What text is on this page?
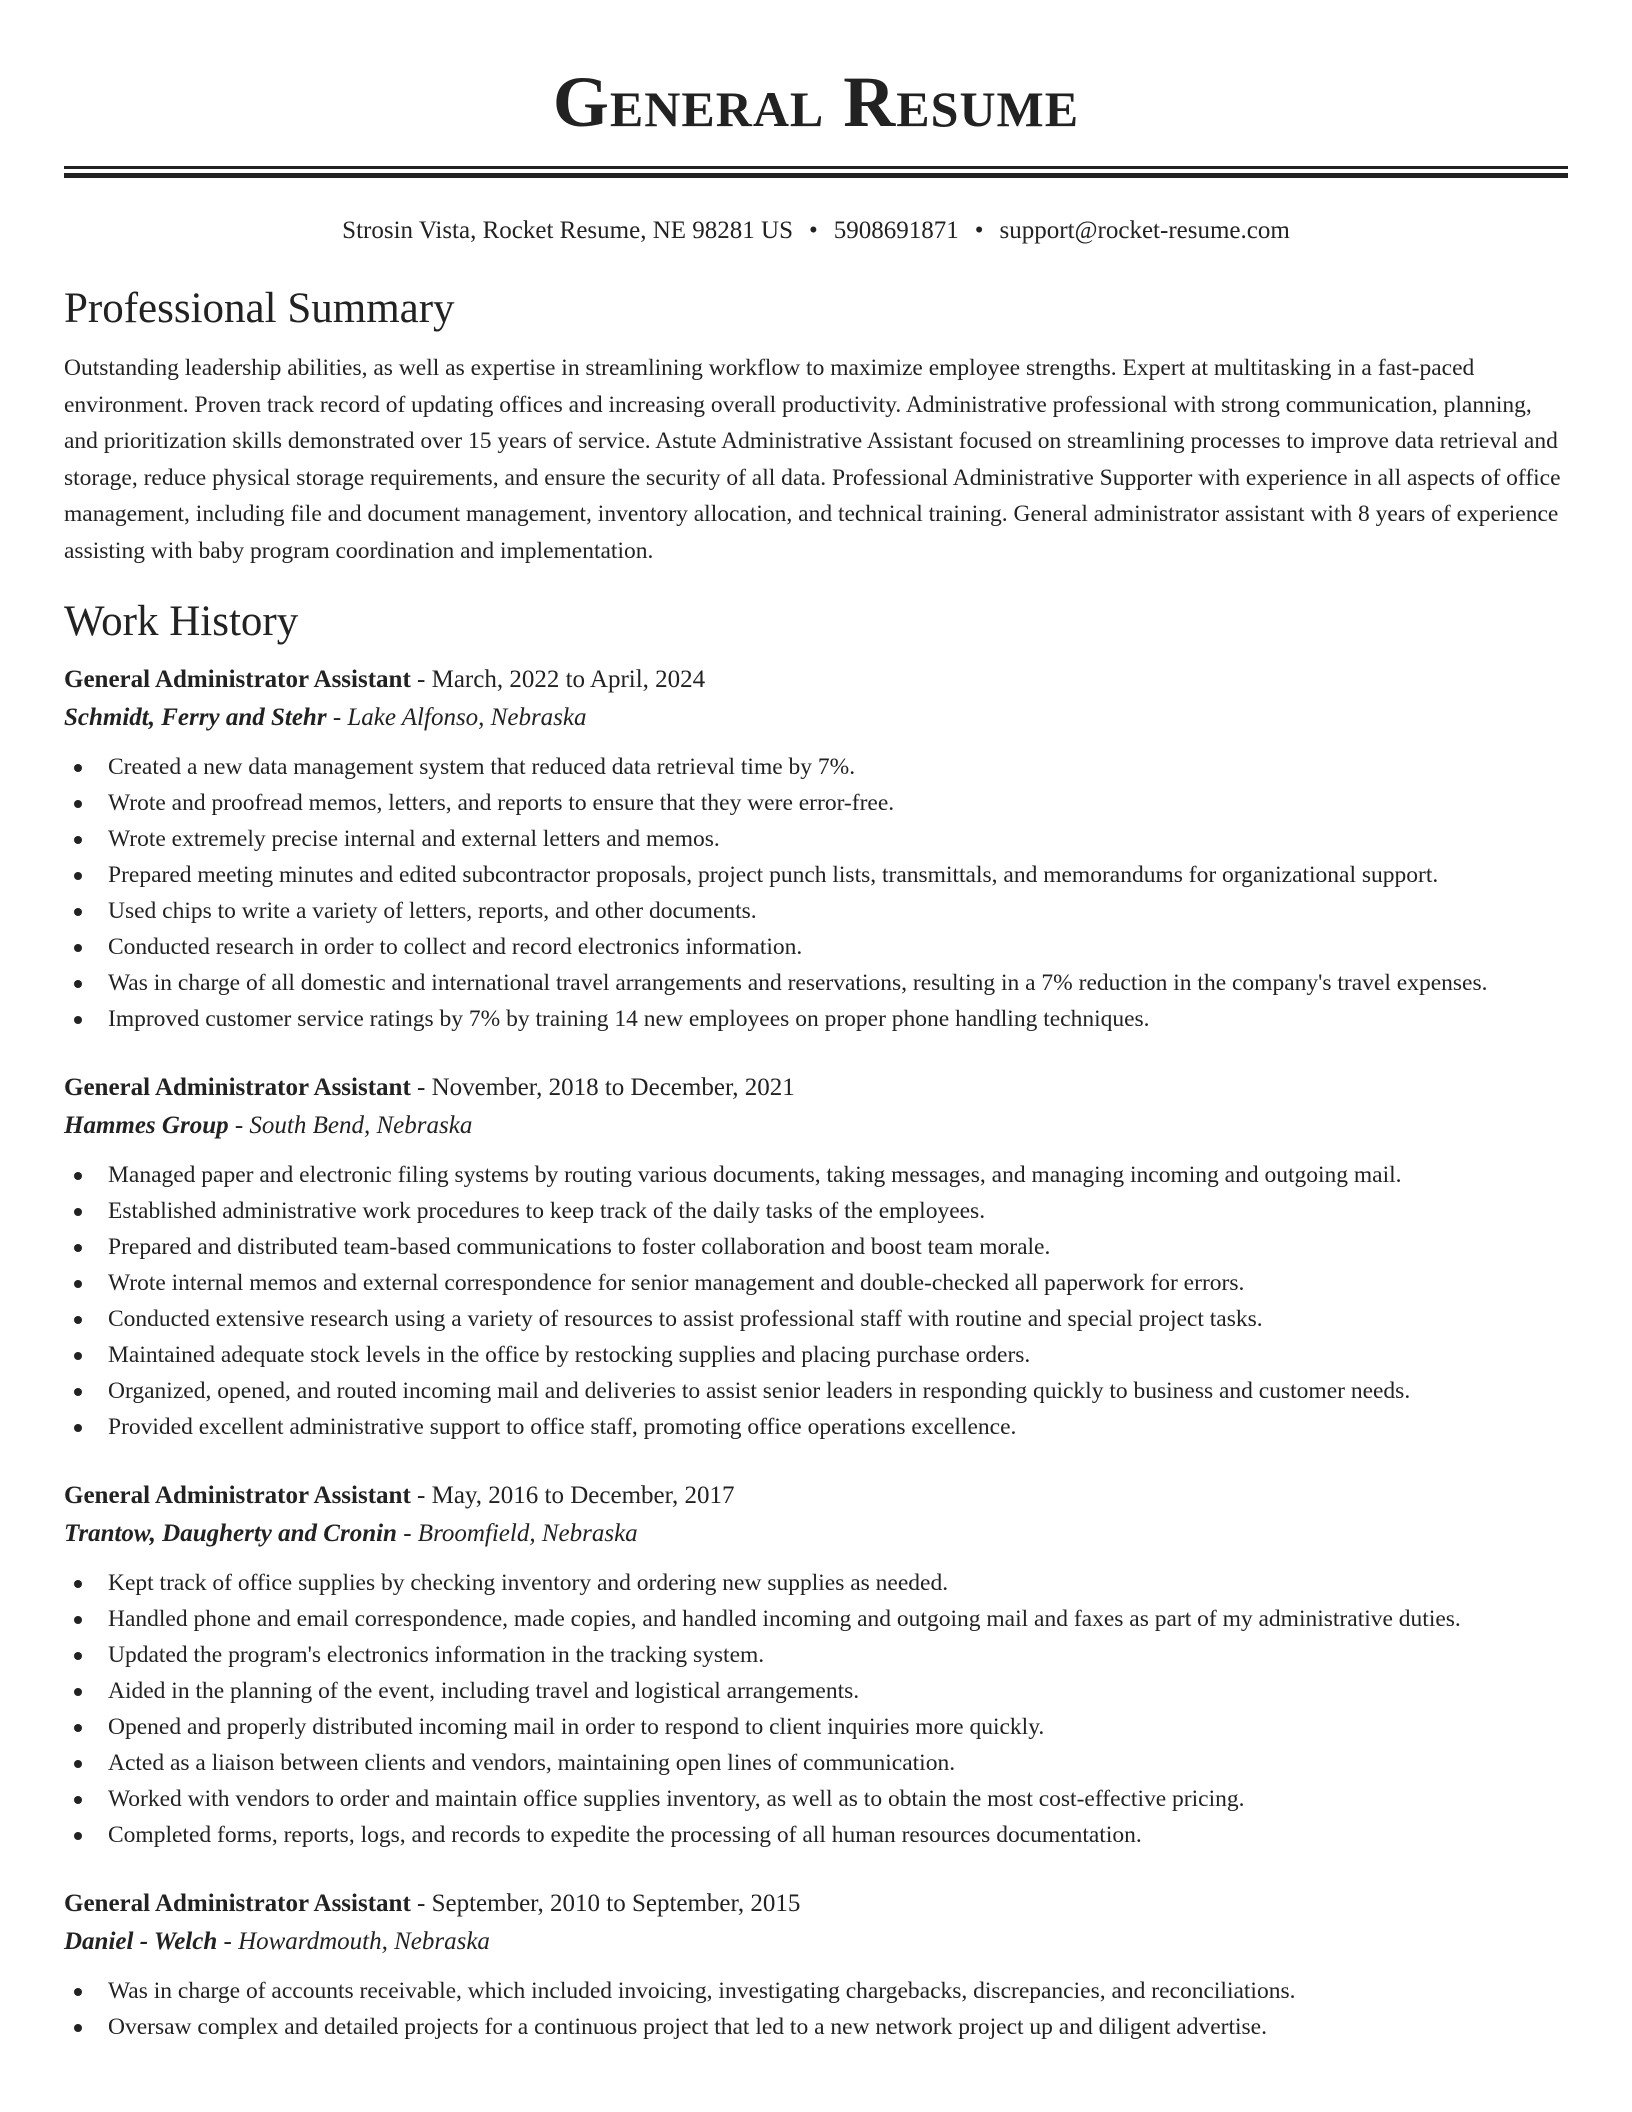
General Resume
Strosin Vista, Rocket Resume, NE 98281 US • 5908691871 • support@rocket-resume.com
Professional Summary

Outstanding leadership abilities, as well as expertise in streamlining workflow to maximize employee strengths. Expert at multitasking in a fast-paced environment. Proven track record of updating offices and increasing overall productivity. Administrative professional with strong communication, planning, and prioritization skills demonstrated over 15 years of service. Astute Administrative Assistant focused on streamlining processes to improve data retrieval and storage, reduce physical storage requirements, and ensure the security of all data. Professional Administrative Supporter with experience in all aspects of office management, including file and document management, inventory allocation, and technical training. General administrator assistant with 8 years of experience assisting with baby program coordination and implementation.

Work History
General Administrator Assistant - March, 2022 to April, 2024
Schmidt, Ferry and Stehr - Lake Alfonso, Nebraska
Created a new data management system that reduced data retrieval time by 7%.
Wrote and proofread memos, letters, and reports to ensure that they were error-free.
Wrote extremely precise internal and external letters and memos.
Prepared meeting minutes and edited subcontractor proposals, project punch lists, transmittals, and memorandums for organizational support.
Used chips to write a variety of letters, reports, and other documents.
Conducted research in order to collect and record electronics information.
Was in charge of all domestic and international travel arrangements and reservations, resulting in a 7% reduction in the company's travel expenses.
Improved customer service ratings by 7% by training 14 new employees on proper phone handling techniques.
General Administrator Assistant - November, 2018 to December, 2021
Hammes Group - South Bend, Nebraska
Managed paper and electronic filing systems by routing various documents, taking messages, and managing incoming and outgoing mail.
Established administrative work procedures to keep track of the daily tasks of the employees.
Prepared and distributed team-based communications to foster collaboration and boost team morale.
Wrote internal memos and external correspondence for senior management and double-checked all paperwork for errors.
Conducted extensive research using a variety of resources to assist professional staff with routine and special project tasks.
Maintained adequate stock levels in the office by restocking supplies and placing purchase orders.
Organized, opened, and routed incoming mail and deliveries to assist senior leaders in responding quickly to business and customer needs.
Provided excellent administrative support to office staff, promoting office operations excellence.
General Administrator Assistant - May, 2016 to December, 2017
Trantow, Daugherty and Cronin - Broomfield, Nebraska
Kept track of office supplies by checking inventory and ordering new supplies as needed.
Handled phone and email correspondence, made copies, and handled incoming and outgoing mail and faxes as part of my administrative duties.
Updated the program's electronics information in the tracking system.
Aided in the planning of the event, including travel and logistical arrangements.
Opened and properly distributed incoming mail in order to respond to client inquiries more quickly.
Acted as a liaison between clients and vendors, maintaining open lines of communication.
Worked with vendors to order and maintain office supplies inventory, as well as to obtain the most cost-effective pricing.
Completed forms, reports, logs, and records to expedite the processing of all human resources documentation.
General Administrator Assistant - September, 2010 to September, 2015
Daniel - Welch - Howardmouth, Nebraska
Was in charge of accounts receivable, which included invoicing, investigating chargebacks, discrepancies, and reconciliations.
Oversaw complex and detailed projects for a continuous project that led to a new network project up and diligent advertise.
